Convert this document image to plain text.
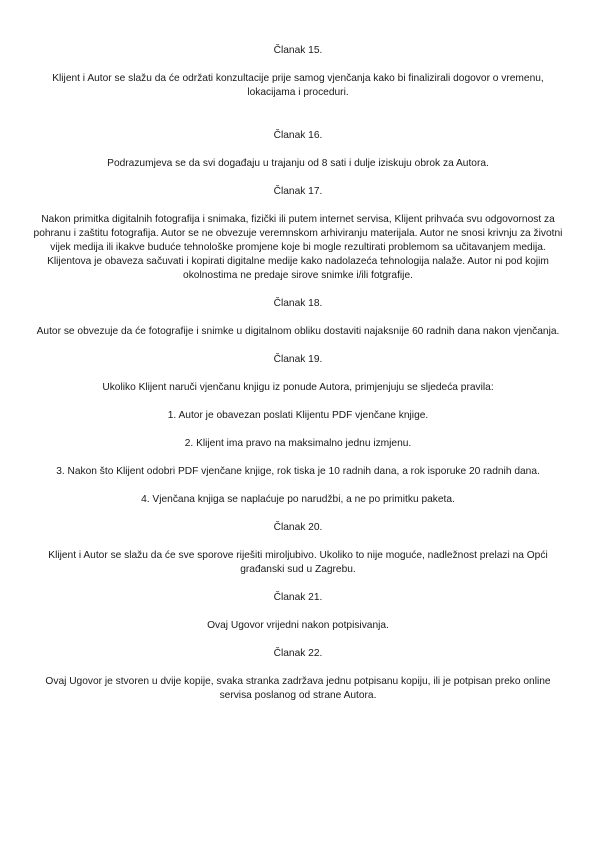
Članak 15.

Klijent i Autor se slažu da će održati konzultacije prije samog vjenčanja kako bi finalizirali dogovor o vremenu, lokacijama i proceduri.

Članak 16.

Podrazumjeva se da svi događaju u trajanju od 8 sati i dulje iziskuju obrok za Autora.

Članak 17.

Nakon primitka digitalnih fotografija i snimaka, fizički ili putem internet servisa, Klijent prihvaća svu odgovornost za pohranu i zaštitu fotografija. Autor se ne obvezuje veremnskom arhiviranju materijala. Autor ne snosi krivnju za životni vijek medija ili ikakve buduće tehnološke promjene koje bi mogle rezultirati problemom sa učitavanjem medija. Klijentova je obaveza sačuvati i kopirati digitalne medije kako nadolazeća tehnologija nalaže. Autor ni pod kojim okolnostima ne predaje sirove snimke i/ili fotgrafije.

Članak 18.

Autor se obvezuje da će fotografije i snimke u digitalnom obliku dostaviti najaksnije 60 radnih dana nakon vjenčanja.

Članak 19.

Ukoliko Klijent naruči vjenčanu knjigu iz ponude Autora, primjenjuju se sljedeća pravila:

1. Autor je obavezan poslati Klijentu PDF vjenčane knjige.

2. Klijent ima pravo na maksimalno jednu izmjenu.

3. Nakon što Klijent odobri PDF vjenčane knjige, rok tiska je 10 radnih dana, a rok isporuke 20 radnih dana.

4. Vjenčana knjiga se naplaćuje po narudžbi, a ne po primitku paketa.

Članak 20.

Klijent i Autor se slažu da će sve sporove riješiti miroljubivo. Ukoliko to nije moguće, nadležnost prelazi na Opći građanski sud u Zagrebu.

Članak 21.

Ovaj Ugovor vrijedni nakon potpisivanja.

Članak 22.

Ovaj Ugovor je stvoren u dvije kopije, svaka stranka zadržava jednu potpisanu kopiju, ili je potpisan preko online servisa poslanog od strane Autora.
